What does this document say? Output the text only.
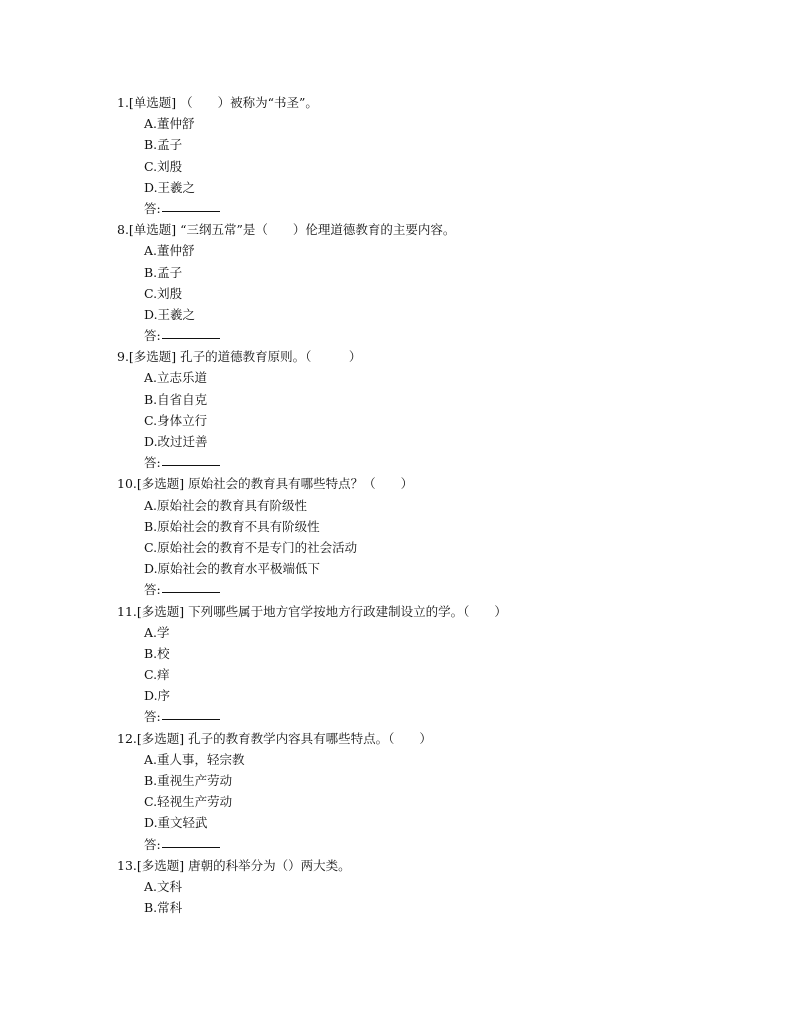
1.[单选题] （　　）被称为“书圣”。
A.董仲舒
B.孟子
C.刘殷
D.王羲之
答:
8.[单选题] “三纲五常”是（　　）伦理道德教育的主要内容。
A.董仲舒
B.孟子
C.刘殷
D.王羲之
答:
9.[多选题] 孔子的道德教育原则。（　　　）
A.立志乐道
B.自省自克
C.身体立行
D.改过迁善
答:
10.[多选题] 原始社会的教育具有哪些特点？（　　）
A.原始社会的教育具有阶级性
B.原始社会的教育不具有阶级性
C.原始社会的教育不是专门的社会活动
D.原始社会的教育水平极端低下
答:
11.[多选题] 下列哪些属于地方官学按地方行政建制设立的学。（　　）
A.学
B.校
C.痒
D.序
答:
12.[多选题] 孔子的教育教学内容具有哪些特点。（　　）
A.重人事，轻宗教
B.重视生产劳动
C.轻视生产劳动
D.重文轻武
答:
13.[多选题] 唐朝的科举分为（）两大类。
A.文科
B.常科
